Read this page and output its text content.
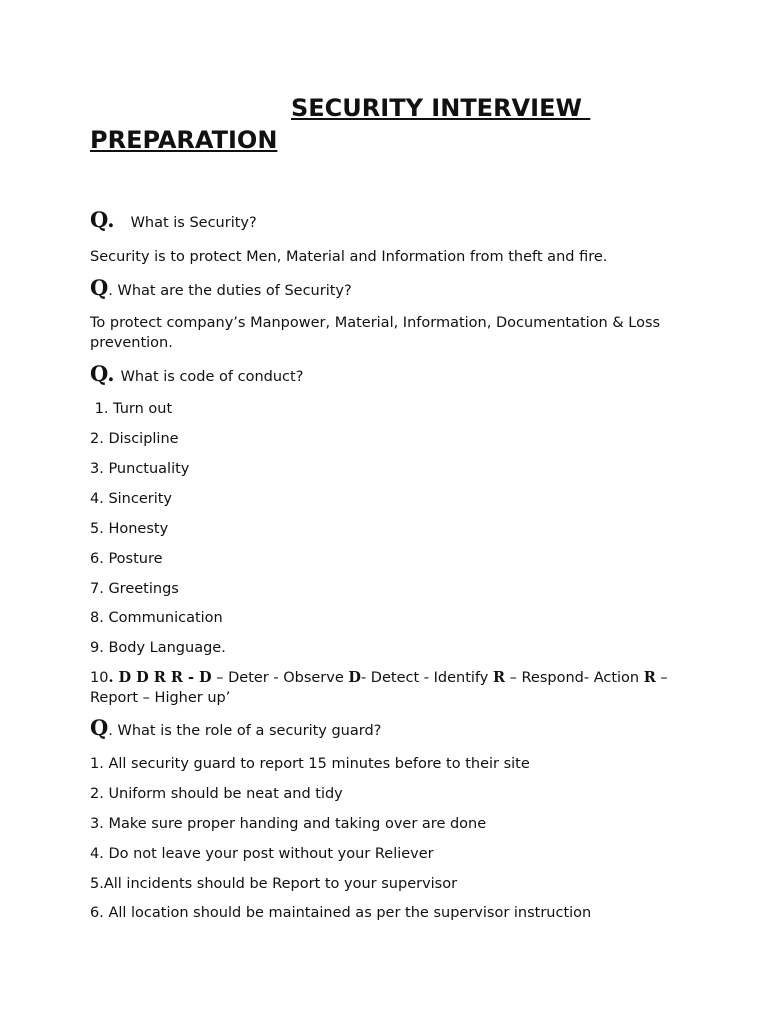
SECURITY INTERVIEW
PREPARATION
Q. What is Security?
Security is to protect Men, Material and Information from theft and fire.
Q. What are the duties of Security?
To protect company’s Manpower, Material, Information, Documentation & Loss prevention.
Q. What is code of conduct?
1. Turn out
2. Discipline
3. Punctuality
4. Sincerity
5. Honesty
6. Posture
7. Greetings
8. Communication
9. Body Language.
10. D D R R - D – Deter - Observe D- Detect - Identify R – Respond- Action R – Report – Higher up’
Q. What is the role of a security guard?
1. All security guard to report 15 minutes before to their site
2. Uniform should be neat and tidy
3. Make sure proper handing and taking over are done
4. Do not leave your post without your Reliever
5.All incidents should be Report to your supervisor
6. All location should be maintained as per the supervisor instruction
